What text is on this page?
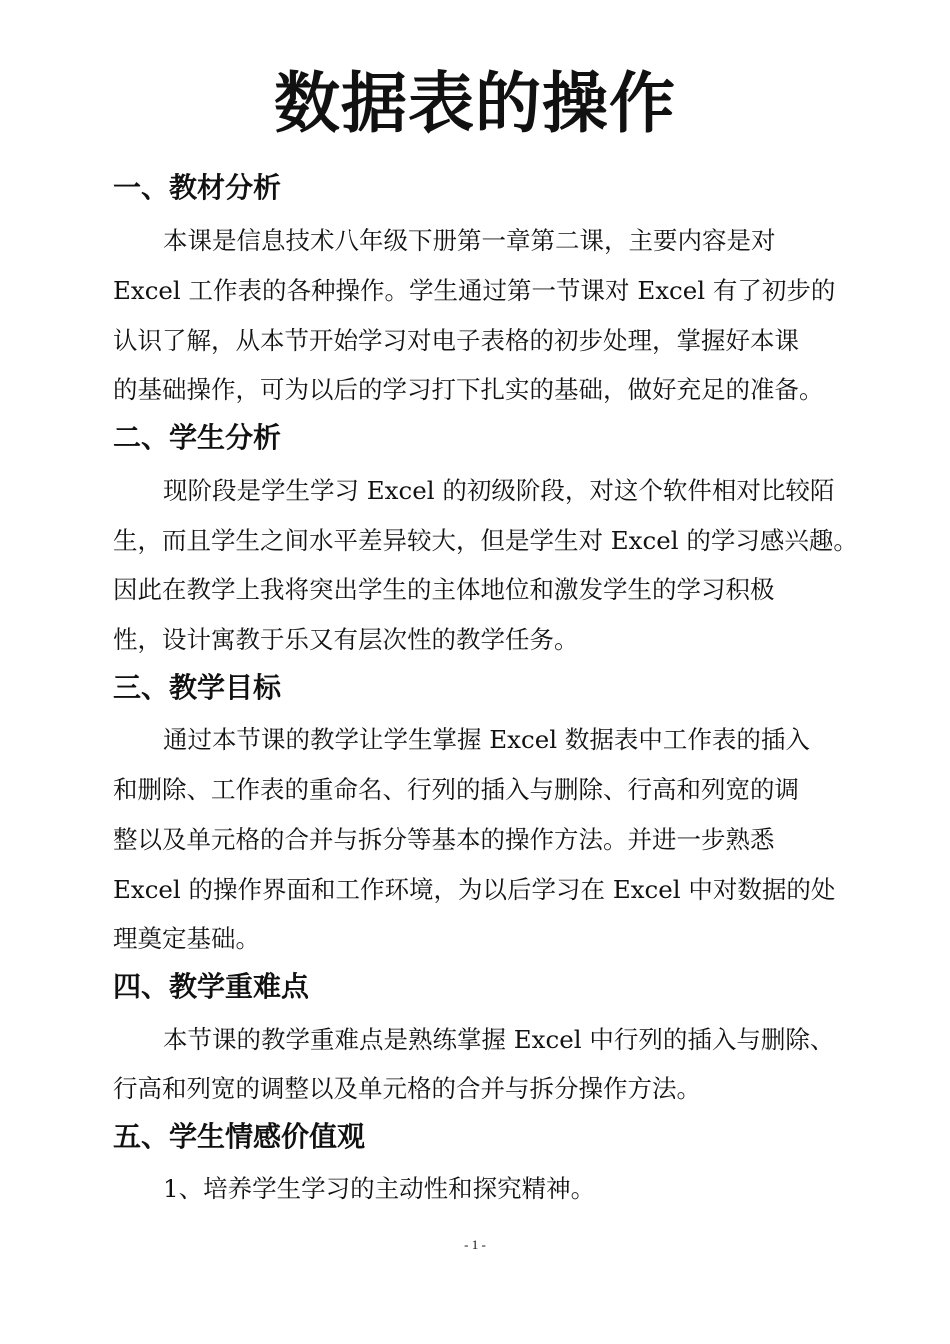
数据表的操作
一、教材分析
本课是信息技术八年级下册第一章第二课，主要内容是对
Excel 工作表的各种操作。学生通过第一节课对 Excel 有了初步的
认识了解，从本节开始学习对电子表格的初步处理，掌握好本课
的基础操作，可为以后的学习打下扎实的基础，做好充足的准备。
二、学生分析
现阶段是学生学习 Excel 的初级阶段，对这个软件相对比较陌
生，而且学生之间水平差异较大，但是学生对 Excel 的学习感兴趣。
因此在教学上我将突出学生的主体地位和激发学生的学习积极
性，设计寓教于乐又有层次性的教学任务。
三、教学目标
通过本节课的教学让学生掌握 Excel 数据表中工作表的插入
和删除、工作表的重命名、行列的插入与删除、行高和列宽的调
整以及单元格的合并与拆分等基本的操作方法。并进一步熟悉
Excel 的操作界面和工作环境，为以后学习在 Excel 中对数据的处
理奠定基础。
四、教学重难点
本节课的教学重难点是熟练掌握 Excel 中行列的插入与删除、
行高和列宽的调整以及单元格的合并与拆分操作方法。
五、学生情感价值观
1、培养学生学习的主动性和探究精神。
- 1 -
